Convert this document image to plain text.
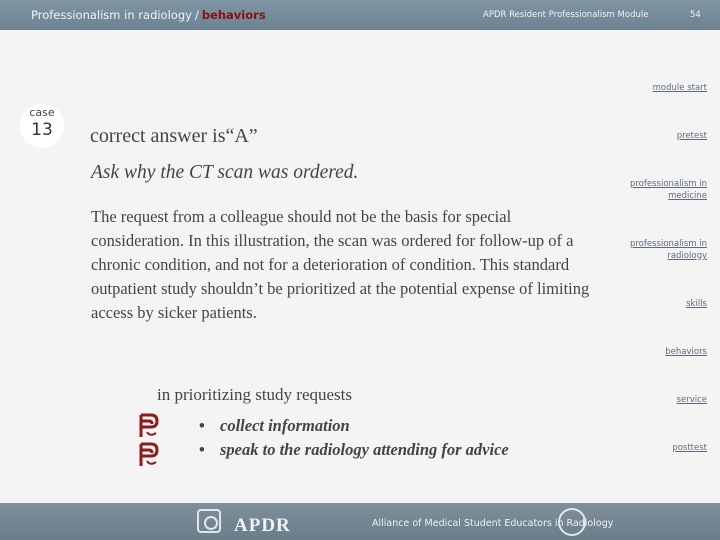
Professionalism in radiology / behaviors	APDR Resident Professionalism Module	54
module start
case
13	pretest
professionalism in
medicine
professionalism in
radiology
skills
behaviors
service
posttest
correct answer is“A”
Ask why the CT scan was ordered.

The request from a colleague should not be the basis for special consideration. In this illustration, the scan was ordered for follow-up of a chronic condition, and not for a deterioration of condition. This standard outpatient study shouldn’t be prioritized at the potential expense of limiting access by sicker patients.

in prioritizing study requests
• collect information
• speak to the radiology attending for advice
APDR	Alliance of Medical Student Educators in Radiology
